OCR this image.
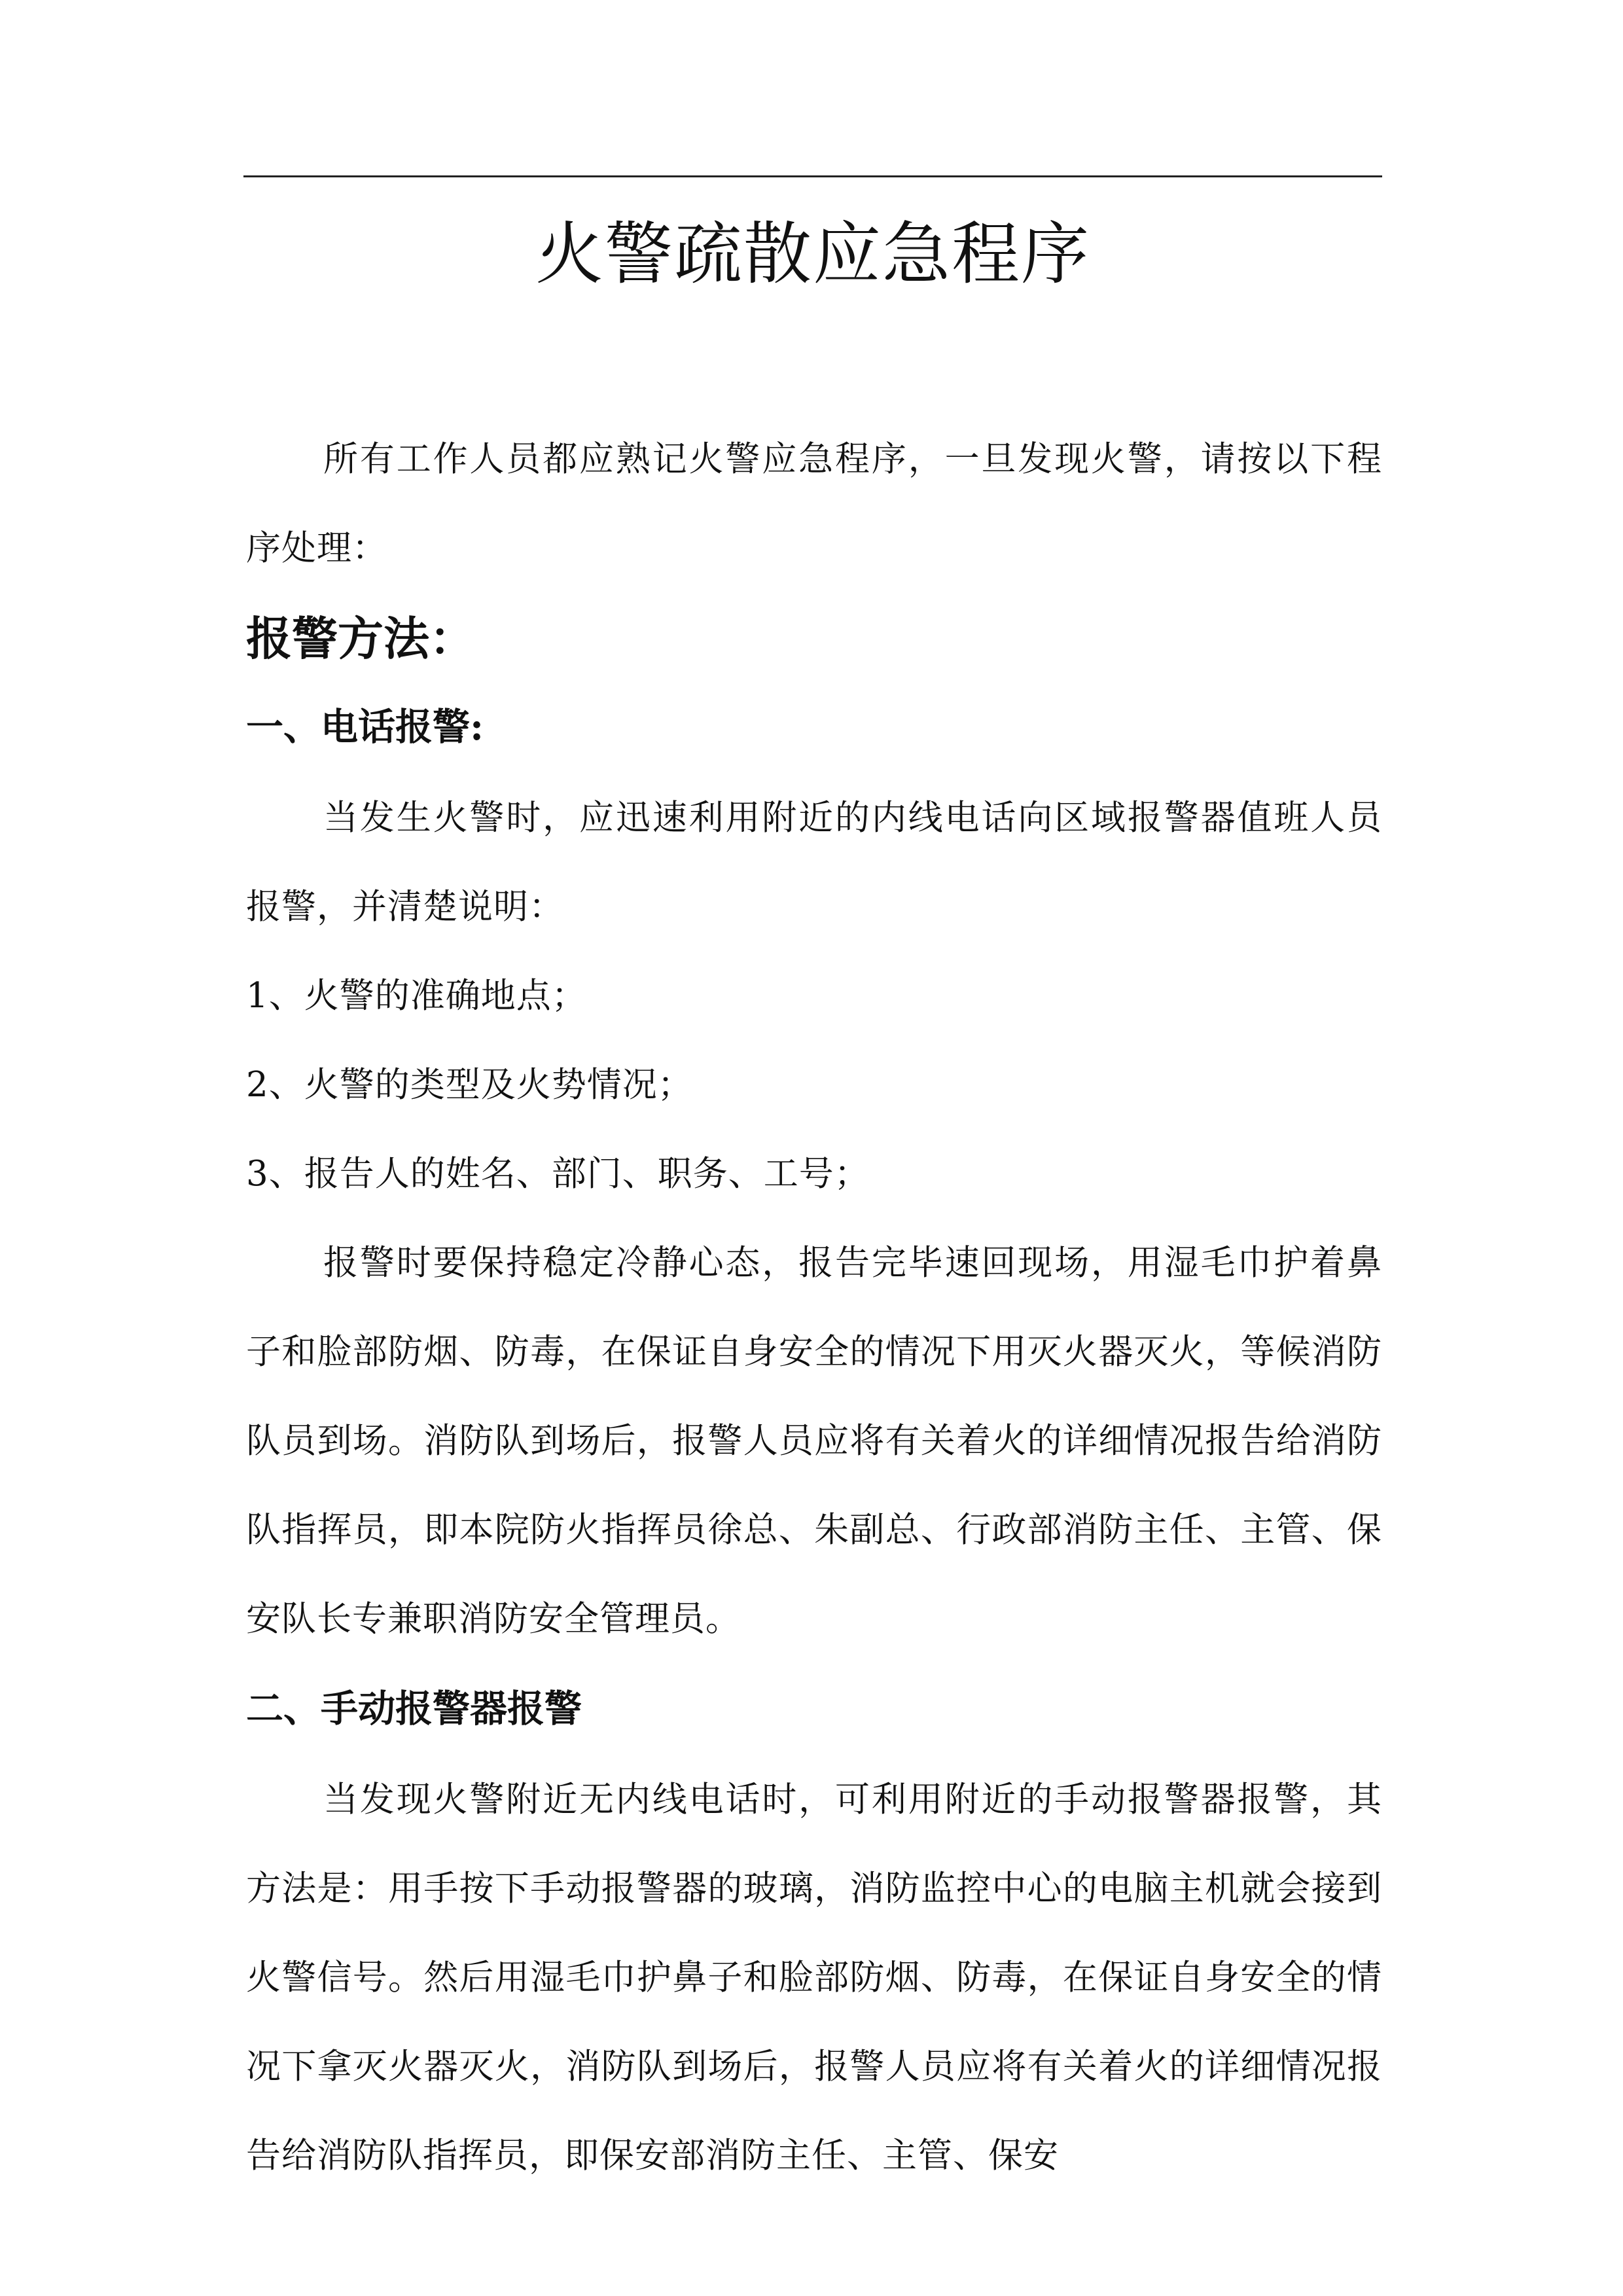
火警疏散应急程序

所有工作人员都应熟记火警应急程序，一旦发现火警，请按以下程序处理：

报警方法：
一、电话报警:

当发生火警时，应迅速利用附近的内线电话向区域报警器值班人员报警，并清楚说明：

1、火警的准确地点；

2、火警的类型及火势情况；

3、报告人的姓名、部门、职务、工号；

报警时要保持稳定冷静心态，报告完毕速回现场，用湿毛巾护着鼻子和脸部防烟、防毒，在保证自身安全的情况下用灭火器灭火，等候消防队员到场。消防队到场后，报警人员应将有关着火的详细情况报告给消防队指挥员，即本院防火指挥员徐总、朱副总、行政部消防主任、主管、保安队长专兼职消防安全管理员。

二、手动报警器报警

当发现火警附近无内线电话时，可利用附近的手动报警器报警，其方法是：用手按下手动报警器的玻璃，消防监控中心的电脑主机就会接到火警信号。然后用湿毛巾护鼻子和脸部防烟、防毒，在保证自身安全的情况下拿灭火器灭火，消防队到场后，报警人员应将有关着火的详细情况报告给消防队指挥员，即保安部消防主任、主管、保安
